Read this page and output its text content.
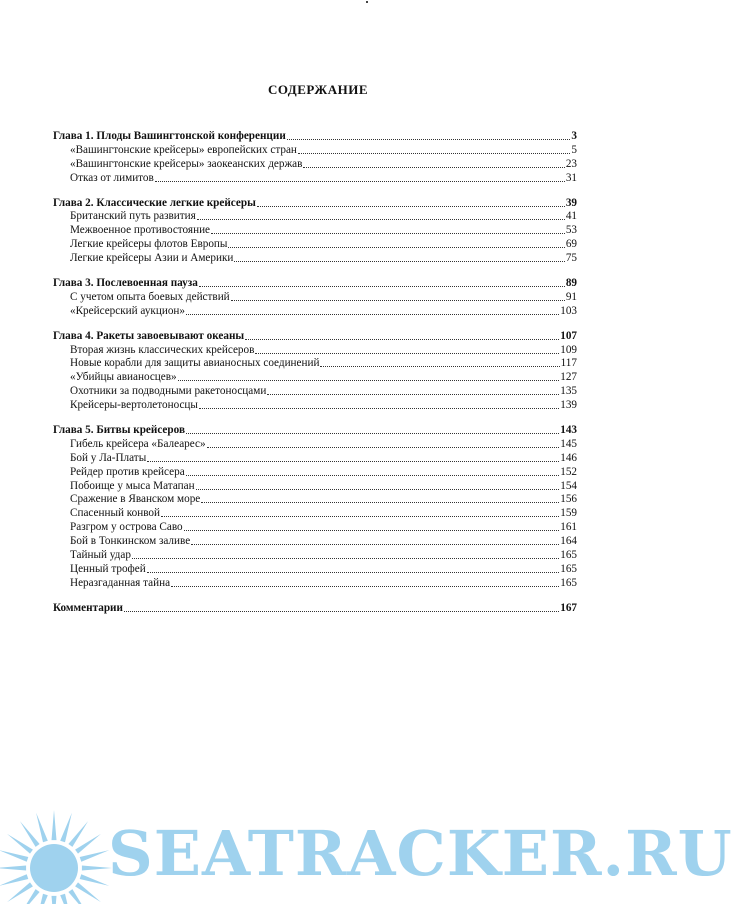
СОДЕРЖАНИЕ
Глава 1. Плоды Вашингтонской конференции	3
«Вашингтонские крейсеры» европейских стран	5
«Вашингтонские крейсеры» заокеанских держав	23
Отказ от лимитов	31
Глава 2. Классические легкие крейсеры	39
Британский путь развития	41
Межвоенное противостояние	53
Легкие крейсеры флотов Европы	69
Легкие крейсеры Азии и Америки	75
Глава 3. Послевоенная пауза	89
С учетом опыта боевых действий	91
«Крейсерский аукцион»	103
Глава 4. Ракеты завоевывают океаны	107
Вторая жизнь классических крейсеров	109
Новые корабли для защиты авианосных соединений	117
«Убийцы авианосцев»	127
Охотники за подводными ракетоносцами	135
Крейсеры-вертолетоносцы	139
Глава 5. Битвы крейсеров	143
Гибель крейсера «Балеарес»	145
Бой у Ла-Платы	146
Рейдер против крейсера	152
Побоище у мыса Матапан	154
Сражение в Яванском море	156
Спасенный конвой	159
Разгром у острова Саво	161
Бой в Тонкинском заливе	164
Тайный удар	165
Ценный трофей	165
Неразгаданная тайна	165
Комментарии	167
SEATRACKER.RU
